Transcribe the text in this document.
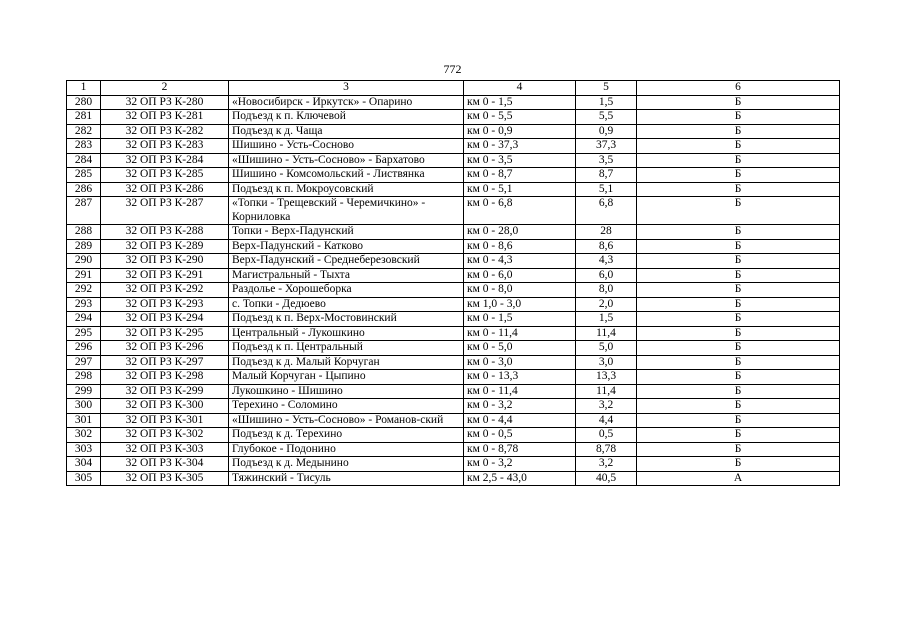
772
1	2	3	4	5	6
280	32 ОП РЗ К-280	«Новосибирск - Иркутск» - Опарино	км 0 - 1,5	1,5	Б
281	32 ОП РЗ К-281	Подъезд к п. Ключевой	км 0 - 5,5	5,5	Б
282	32 ОП РЗ К-282	Подъезд к д. Чаща	км 0 - 0,9	0,9	Б
283	32 ОП РЗ К-283	Шишино - Усть-Сосново	км 0 - 37,3	37,3	Б
284	32 ОП РЗ К-284	«Шишино - Усть-Сосново» - Бархатово	км 0 - 3,5	3,5	Б
285	32 ОП РЗ К-285	Шишино - Комсомольский - Листвянка	км 0 - 8,7	8,7	Б
286	32 ОП РЗ К-286	Подъезд к п. Мокроусовский	км 0 - 5,1	5,1	Б
287	32 ОП РЗ К-287	«Топки - Трещевский - Черемичкино» - Корниловка	км 0 - 6,8	6,8	Б
288	32 ОП РЗ К-288	Топки - Верх-Падунский	км 0 - 28,0	28	Б
289	32 ОП РЗ К-289	Верх-Падунский - Катково	км 0 - 8,6	8,6	Б
290	32 ОП РЗ К-290	Верх-Падунский - Среднеберезовский	км 0 - 4,3	4,3	Б
291	32 ОП РЗ К-291	Магистральный - Тыхта	км 0 - 6,0	6,0	Б
292	32 ОП РЗ К-292	Раздолье - Хорошеборка	км 0 - 8,0	8,0	Б
293	32 ОП РЗ К-293	с. Топки - Дедюево	км 1,0 - 3,0	2,0	Б
294	32 ОП РЗ К-294	Подъезд к п. Верх-Мостовинский	км 0 - 1,5	1,5	Б
295	32 ОП РЗ К-295	Центральный - Лукошкино	км 0 - 11,4	11,4	Б
296	32 ОП РЗ К-296	Подъезд к п. Центральный	км 0 - 5,0	5,0	Б
297	32 ОП РЗ К-297	Подъезд к д. Малый Корчуган	км 0 - 3,0	3,0	Б
298	32 ОП РЗ К-298	Малый Корчуган - Цыпино	км 0 - 13,3	13,3	Б
299	32 ОП РЗ К-299	Лукошкино - Шишино	км 0 - 11,4	11,4	Б
300	32 ОП РЗ К-300	Терехино - Соломино	км 0 - 3,2	3,2	Б
301	32 ОП РЗ К-301	«Шишино - Усть-Сосново» - Романов-ский	км 0 - 4,4	4,4	Б
302	32 ОП РЗ К-302	Подъезд к д. Терехино	км 0 - 0,5	0,5	Б
303	32 ОП РЗ К-303	Глубокое - Подонино	км 0 - 8,78	8,78	Б
304	32 ОП РЗ К-304	Подъезд к д. Медынино	км 0 - 3,2	3,2	Б
305	32 ОП РЗ К-305	Тяжинский - Тисуль	км 2,5 - 43,0	40,5	А
